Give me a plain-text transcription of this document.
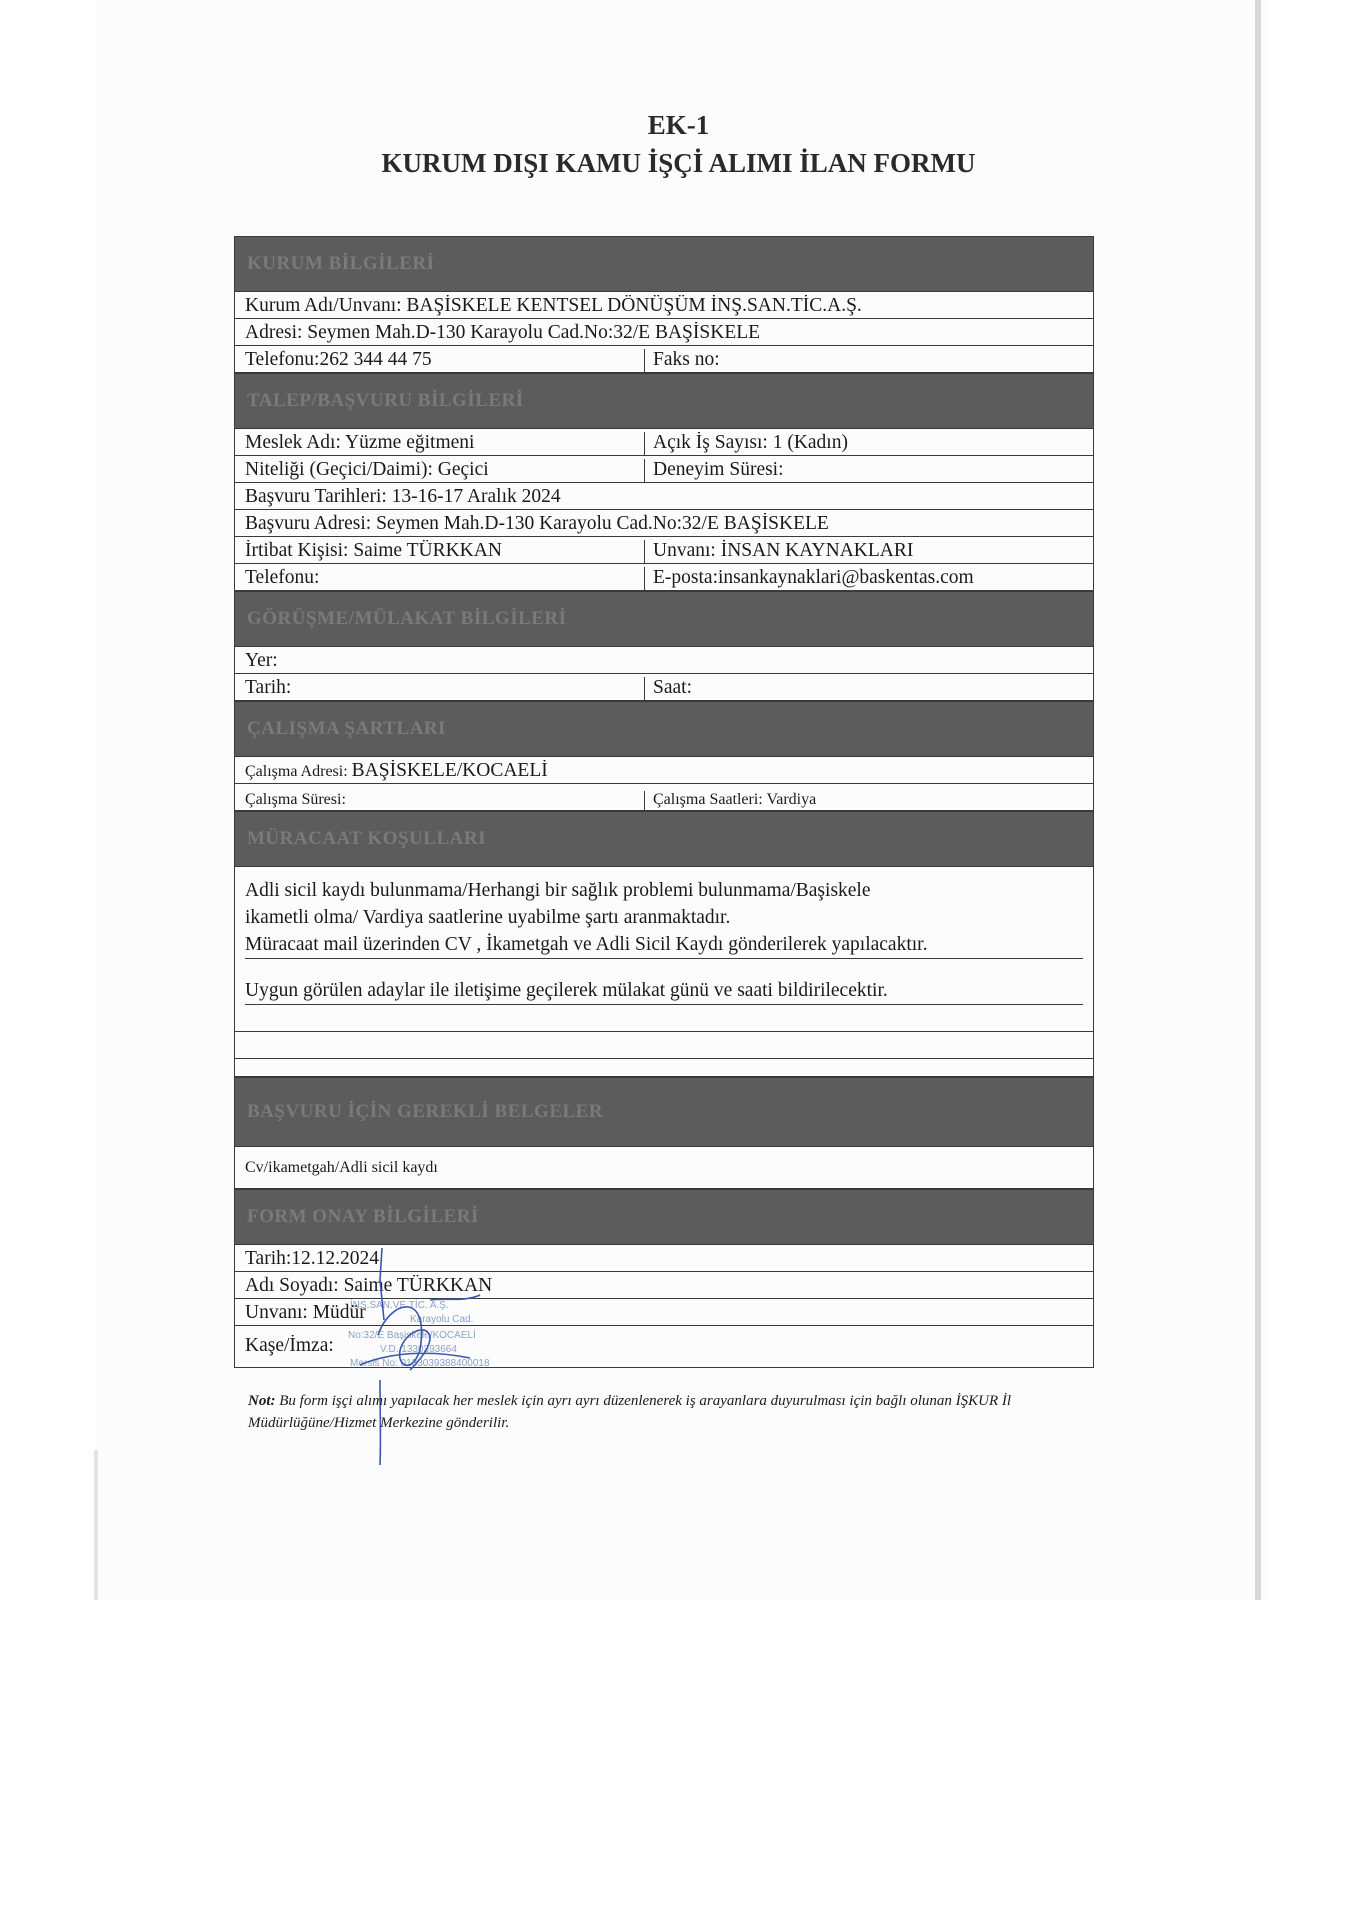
EK-1
KURUM DIŞI KAMU İŞÇİ ALIMI İLAN FORMU
KURUM BİLGİLERİ
Kurum Adı/Unvanı: BAŞİSKELE KENTSEL DÖNÜŞÜM İNŞ.SAN.TİC.A.Ş.
Adresi: Seymen Mah.D-130 Karayolu Cad.No:32/E BAŞİSKELE
Telefonu:262 344 44 75	Faks no:
TALEP/BAŞVURU BİLGİLERİ
Meslek Adı: Yüzme eğitmeni	Açık İş Sayısı: 1 (Kadın)
Niteliği (Geçici/Daimi): Geçici	Deneyim Süresi:
Başvuru Tarihleri: 13-16-17 Aralık 2024
Başvuru Adresi: Seymen Mah.D-130 Karayolu Cad.No:32/E BAŞİSKELE
İrtibat Kişisi: Saime TÜRKKAN	Unvanı: İNSAN KAYNAKLARI
Telefonu:	E-posta:insankaynaklari@baskentas.com
GÖRÜŞME/MÜLAKAT BİLGİLERİ
Yer:
Tarih:	Saat:
ÇALIŞMA ŞARTLARI
Çalışma Adresi: BAŞİSKELE/KOCAELİ
Çalışma Süresi:	Çalışma Saatleri: Vardiya
MÜRACAAT KOŞULLARI
Adli sicil kaydı bulunmama/Herhangi bir sağlık problemi bulunmama/Başiskele
ikametli olma/ Vardiya saatlerine uyabilme şartı aranmaktadır.
Müracaat mail üzerinden CV , İkametgah ve Adli Sicil Kaydı gönderilerek yapılacaktır.
Uygun görülen adaylar ile iletişime geçilerek mülakat günü ve saati bildirilecektir.
BAŞVURU İÇİN GEREKLİ BELGELER
Cv/ikametgah/Adli sicil kaydı
FORM ONAY BİLGİLERİ
Tarih:12.12.2024
Adı Soyadı: Saime TÜRKKAN
Unvanı: Müdür
Kaşe/İmza:
İNŞ.SAN.VE TİC. A.Ş.
Karayolu Cad.
No:32/E Başiskele/KOCAELİ
V.D. 1330393664
Mersis No: 0133039388400018
Not: Bu form işçi alımı yapılacak her meslek için ayrı ayrı düzenlenerek iş arayanlara duyurulması için bağlı olunan İŞKUR İl Müdürlüğüne/Hizmet Merkezine gönderilir.
